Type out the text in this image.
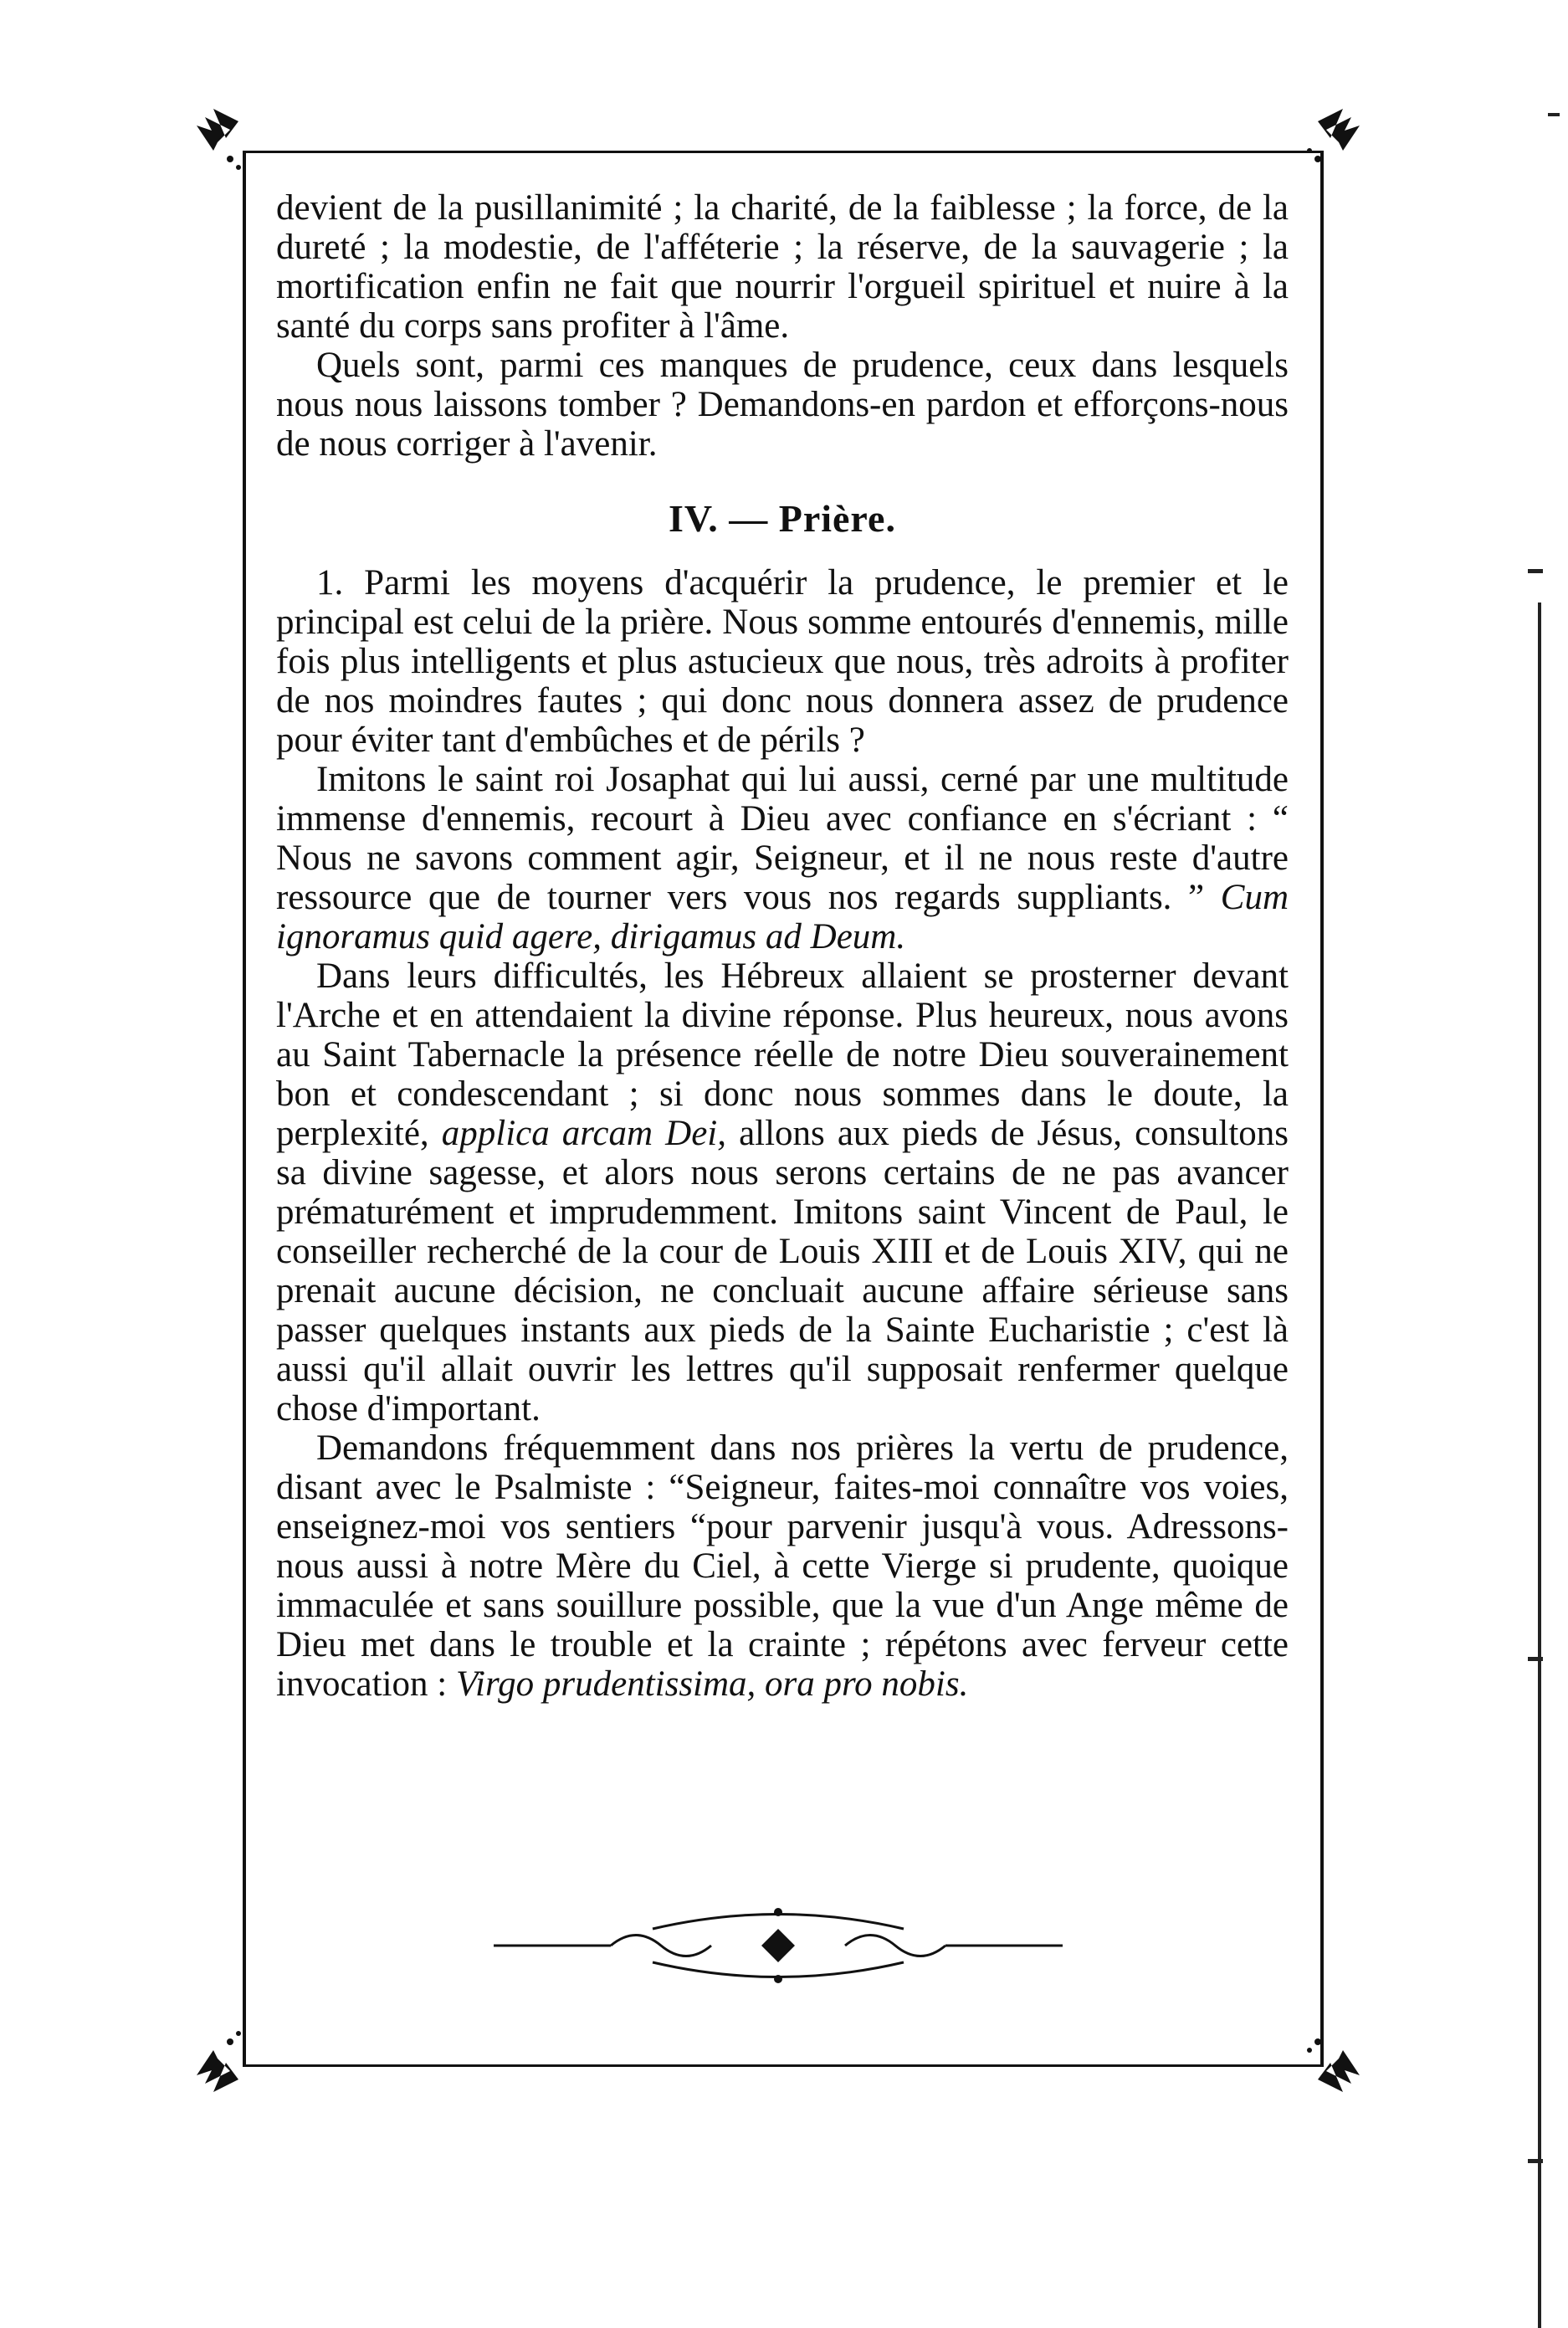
devient de la pusillanimité ; la charité, de la faiblesse ; la force, de la dureté ; la modestie, de l'afféterie ; la réserve, de la sauvagerie ; la mortification enfin ne fait que nourrir l'orgueil spirituel et nuire à la santé du corps sans profiter à l'âme.

Quels sont, parmi ces manques de prudence, ceux dans lesquels nous nous laissons tomber ? Demandons-en pardon et efforçons-nous de nous corriger à l'avenir.

IV. — Prière.

1. Parmi les moyens d'acquérir la prudence, le premier et le principal est celui de la prière. Nous somme entourés d'ennemis, mille fois plus intelligents et plus astucieux que nous, très adroits à profiter de nos moindres fautes ; qui donc nous donnera assez de prudence pour éviter tant d'embûches et de périls ?

Imitons le saint roi Josaphat qui lui aussi, cerné par une multitude immense d'ennemis, recourt à Dieu avec confiance en s'écriant : “ Nous ne savons comment agir, Seigneur, et il ne nous reste d'autre ressource que de tourner vers vous nos regards suppliants. ” Cum ignoramus quid agere, dirigamus ad Deum.

Dans leurs difficultés, les Hébreux allaient se prosterner devant l'Arche et en attendaient la divine réponse. Plus heureux, nous avons au Saint Tabernacle la présence réelle de notre Dieu souverainement bon et condescendant ; si donc nous sommes dans le doute, la perplexité, applica arcam Dei, allons aux pieds de Jésus, consultons sa divine sagesse, et alors nous serons certains de ne pas avancer prématurément et imprudemment. Imitons saint Vincent de Paul, le conseiller recherché de la cour de Louis XIII et de Louis XIV, qui ne prenait aucune décision, ne concluait aucune affaire sérieuse sans passer quelques instants aux pieds de la Sainte Eucharistie ; c'est là aussi qu'il allait ouvrir les lettres qu'il supposait renfermer quelque chose d'important.

Demandons fréquemment dans nos prières la vertu de prudence, disant avec le Psalmiste : “Seigneur, faites-moi connaître vos voies, enseignez-moi vos sentiers “pour parvenir jusqu'à vous. Adressons-nous aussi à notre Mère du Ciel, à cette Vierge si prudente, quoique immaculée et sans souillure possible, que la vue d'un Ange même de Dieu met dans le trouble et la crainte ; répétons avec ferveur cette invocation : Virgo prudentissima, ora pro nobis.
